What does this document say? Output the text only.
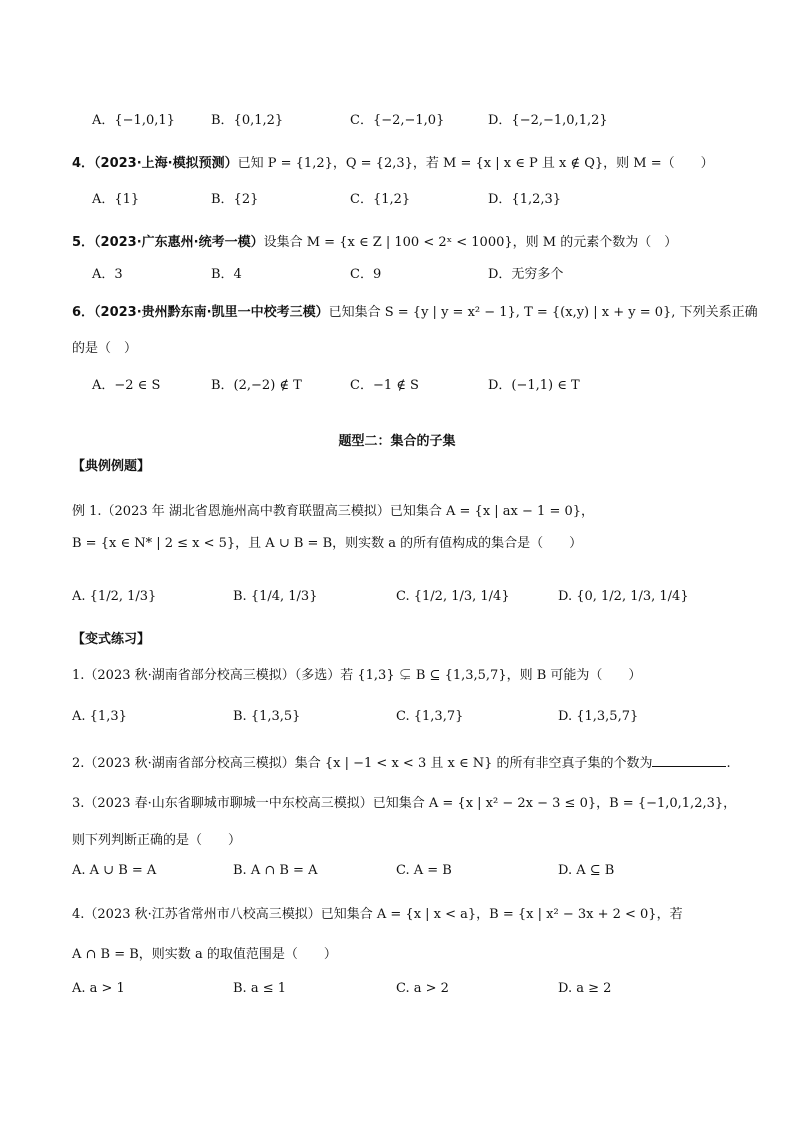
A．{−1,0,1}	B．{0,1,2}	C．{−2,−1,0}	D．{−2,−1,0,1,2}
4．（2023·上海·模拟预测）已知 P = {1,2}，Q = {2,3}，若 M = {x | x ∈ P 且 x ∉ Q}，则 M =（　　）
A．{1}	B．{2}	C．{1,2}	D．{1,2,3}
5．（2023·广东惠州·统考一模）设集合 M = {x ∈ Z | 100 < 2ˣ < 1000}，则 M 的元素个数为（　）
A．3	B．4	C．9	D．无穷多个
6．（2023·贵州黔东南·凯里一中校考三模）已知集合 S = {y | y = x² − 1}, T = {(x,y) | x + y = 0}, 下列关系正确
的是（　）
A．−2 ∈ S	B．(2,−2) ∉ T	C．−1 ∉ S	D．(−1,1) ∈ T
题型二：集合的子集
【典例例题】
例 1.（2023 年 湖北省恩施州高中教育联盟高三模拟）已知集合 A = {x | ax − 1 = 0}，
B = {x ∈ N* | 2 ≤ x < 5}，且 A ∪ B = B，则实数 a 的所有值构成的集合是（　　）
A. {1/2, 1/3}	B. {1/4, 1/3}	C. {1/2, 1/3, 1/4}	D. {0, 1/2, 1/3, 1/4}
【变式练习】
1.（2023 秋·湖南省部分校高三模拟）（多选）若 {1,3} ⊊ B ⊆ {1,3,5,7}，则 B 可能为（　　）
A. {1,3}	B. {1,3,5}	C. {1,3,7}	D. {1,3,5,7}
2.（2023 秋·湖南省部分校高三模拟）集合 {x | −1 < x < 3 且 x ∈ N} 的所有非空真子集的个数为	.
3.（2023 春·山东省聊城市聊城一中东校高三模拟）已知集合 A = {x | x² − 2x − 3 ≤ 0}，B = {−1,0,1,2,3}，
则下列判断正确的是（　　）
A. A ∪ B = A	B. A ∩ B = A	C. A = B	D. A ⊆ B
4.（2023 秋·江苏省常州市八校高三模拟）已知集合 A = {x | x < a}，B = {x | x² − 3x + 2 < 0}，若
A ∩ B = B，则实数 a 的取值范围是（　　）
A. a > 1	B. a ≤ 1	C. a > 2	D. a ≥ 2
